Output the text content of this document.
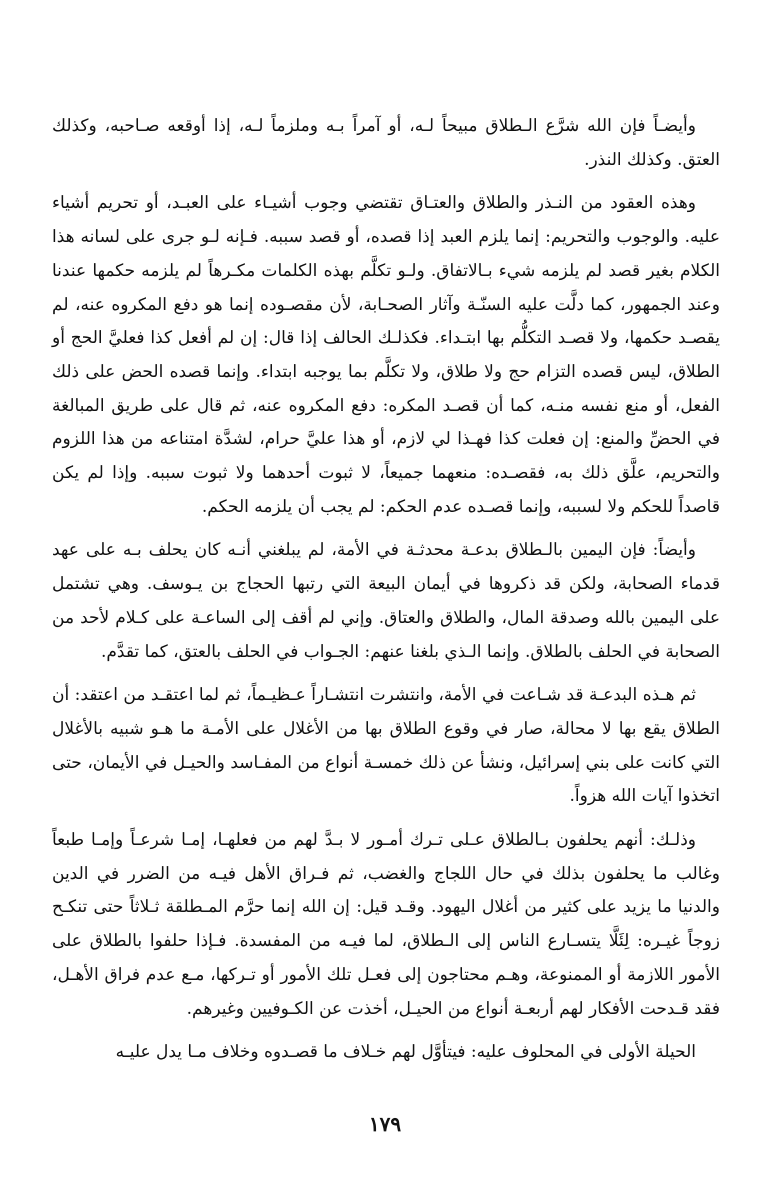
وأيضـاً فإن الله شرَّع الـطلاق مبيحاً لـه، أو آمراً بـه وملزماً لـه، إذا أوقعه صـاحبه، وكذلك العتق. وكذلك النذر.

وهذه العقود من النـذر والطلاق والعتـاق تقتضي وجوب أشيـاء على العبـد، أو تحريم أشياء عليه. والوجوب والتحريم: إنما يلزم العبد إذا قصده، أو قصد سببه. فـإنه لـو جرى على لسانه هذا الكلام بغير قصد لم يلزمه شيء بـالاتفاق. ولـو تكلَّم بهذه الكلمات مكـرهاً لم يلزمه حكمها عندنا وعند الجمهور، كما دلَّت عليه السنّـة وآثار الصحـابة، لأن مقصـوده إنما هو دفع المكروه عنه، لم يقصـد حكمها، ولا قصـد التكلُّم بها ابتـداء. فكذلـك الحالف إذا قال: إن لم أفعل كذا فعليَّ الحج أو الطلاق، ليس قصده التزام حج ولا طلاق، ولا تكلَّم بما يوجبه ابتداء. وإنما قصده الحض على ذلك الفعل، أو منع نفسه منـه، كما أن قصـد المكره: دفع المكروه عنه، ثم قال على طريق المبالغة في الحضِّ والمنع: إن فعلت كذا فهـذا لي لازم، أو هذا عليَّ حرام، لشدَّة امتناعه من هذا اللزوم والتحريم، علَّق ذلك به، فقصـده: منعهما جميعاً، لا ثبوت أحدهما ولا ثبوت سببه. وإذا لم يكن قاصداً للحكم ولا لسببه، وإنما قصـده عدم الحكم: لم يجب أن يلزمه الحكم.

وأيضاً: فإن اليمين بالـطلاق بدعـة محدثـة في الأمة، لم يبلغني أنـه كان يحلف بـه على عهد قدماء الصحابة، ولكن قد ذكروها في أيمان البيعة التي رتبها الحجاج بن يـوسف. وهي تشتمل على اليمين بالله وصدقة المال، والطلاق والعتاق. وإني لم أقف إلى الساعـة على كـلام لأحد من الصحابة في الحلف بالطلاق. وإنما الـذي بلغنا عنهم: الجـواب في الحلف بالعتق، كما تقدَّم.

ثم هـذه البدعـة قد شـاعت في الأمة، وانتشرت انتشـاراً عـظيـماً، ثم لما اعتقـد من اعتقد: أن الطلاق يقع بها لا محالة، صار في وقوع الطلاق بها من الأغلال على الأمـة ما هـو شبيه بالأغلال التي كانت على بني إسرائيل، ونشأ عن ذلك خمسـة أنواع من المفـاسد والحيـل في الأيمان، حتى اتخذوا آيات الله هزواً.

وذلـك: أنهم يحلفون بـالطلاق عـلى تـرك أمـور لا بـدَّ لهم من فعلهـا، إمـا شرعـاً وإمـا طبعاً وغالب ما يحلفون بذلك في حال اللجاج والغضب، ثم فـراق الأهل فيـه من الضرر في الدين والدنيا ما يزيد على كثير من أغلال اليهود. وقـد قيل: إن الله إنما حرَّم المـطلقة ثـلاثاً حتى تنكـح زوجاً غيـره: لِئَلَّا يتسـارع الناس إلى الـطلاق، لما فيـه من المفسدة. فـإذا حلفوا بالطلاق على الأمور اللازمة أو الممنوعة، وهـم محتاجون إلى فعـل تلك الأمور أو تـركها، مـع عدم فراق الأهـل، فقد قـدحت الأفكار لهم أربعـة أنواع من الحيـل، أخذت عن الكـوفيين وغيرهم.

الحيلة الأولى في المحلوف عليه: فيتأوَّل لهم خـلاف ما قصـدوه وخلاف مـا يدل عليـه

١٧٩
